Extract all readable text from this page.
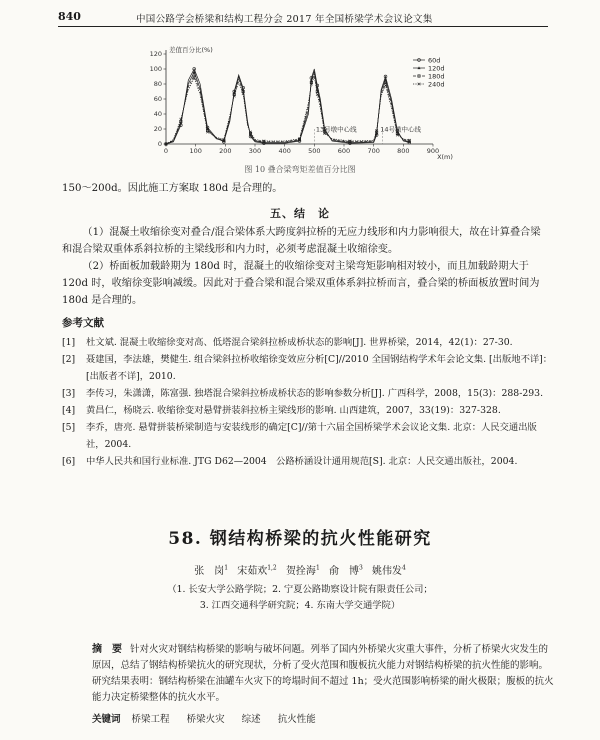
840	中国公路学会桥梁和结构工程分会 2017 年全国桥梁学术会议论文集
0	100	200	300	400	500	600	700	800	900
0
20
40
60
80
100
120
差值百分比(%)
X(m)
13号墩中心线	14号墩中心线
60d
120d
180d
240d
图 10 叠合梁弯矩差值百分比图

150～200d。因此施工方案取 180d 是合理的。

五、结　论

（1）混凝土收缩徐变对叠合/混合梁体系大跨度斜拉桥的无应力线形和内力影响很大，故在计算叠合梁和混合梁双重体系斜拉桥的主梁线形和内力时，必须考虑混凝土收缩徐变。

（2）桥面板加载龄期为 180d 时，混凝土的收缩徐变对主梁弯矩影响相对较小，而且加载龄期大于 120d 时，收缩徐变影响减缓。因此对于叠合梁和混合梁双重体系斜拉桥而言，叠合梁的桥面板放置时间为 180d 是合理的。

参考文献
[1]	杜文斌. 混凝土收缩徐变对高、低塔混合梁斜拉桥成桥状态的影响[J]. 世界桥梁，2014，42(1)：27-30.
[2]	聂建国，李法雄，樊健生. 组合梁斜拉桥收缩徐变效应分析[C]//2010 全国钢结构学术年会论文集. [出版地不详]：[出版者不详]，2010.
[3]	李传习，朱潇潇，陈富强. 独塔混合梁斜拉桥成桥状态的影响参数分析[J]. 广西科学，2008，15(3)：288-293.
[4]	黄昌仁，杨晓云. 收缩徐变对悬臂拼装斜拉桥主梁线形的影响. 山西建筑，2007，33(19)：327-328.
[5]	李乔，唐亮. 悬臂拼装桥梁制造与安装线形的确定[C]//第十六届全国桥梁学术会议论文集. 北京：人民交通出版社，2004.
[6]	中华人民共和国行业标准. JTG D62—2004　公路桥涵设计通用规范[S]. 北京：人民交通出版社，2004.
58. 钢结构桥梁的抗火性能研究
张　岗$^1$ 宋茹欢$^{1,2}$ 贺拴海$^1$ 俞　博$^3$ 姚伟发$^4$
（1. 长安大学公路学院；2. 宁夏公路勘察设计院有限责任公司；
3. 江西交通科学研究院；4. 东南大学交通学院）

摘　要 针对火灾对钢结构桥梁的影响与破坏问题。列举了国内外桥梁火灾重大事件，分析了桥梁火灾发生的原因，总结了钢结构桥梁抗火的研究现状，分析了受火范围和腹板抗火能力对钢结构桥梁的抗火性能的影响。研究结果表明：钢结构桥梁在油罐车火灾下的垮塌时间不超过 1h；受火范围影响桥梁的耐火极限；腹板的抗火能力决定桥梁整体的抗火水平。

关键词 桥梁工程 桥梁火灾 综述 抗火性能
